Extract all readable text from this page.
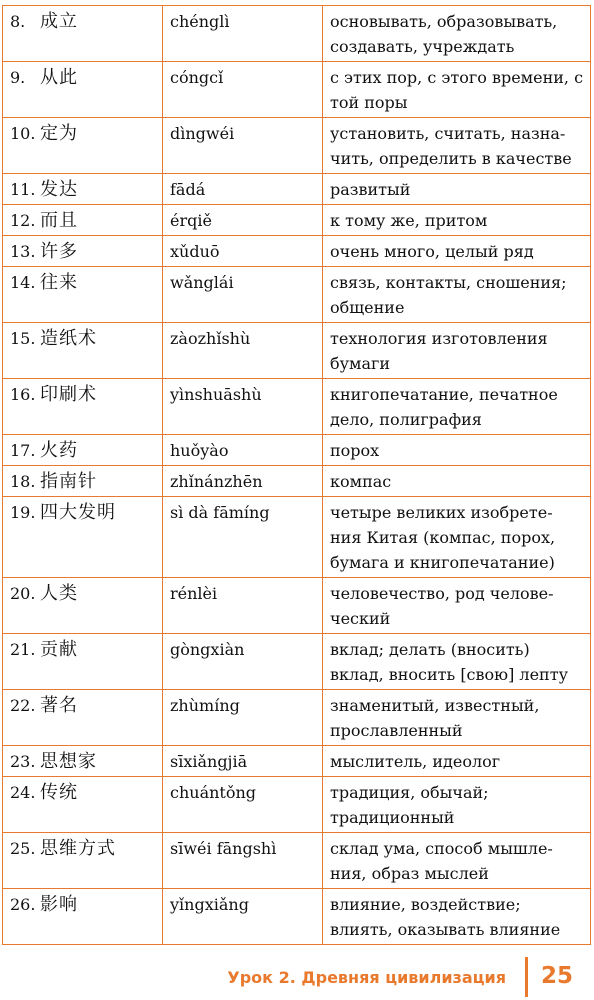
8. 成立	chénglì	основывать, образовывать, создавать, учреждать
9. 从此	cóngcǐ	с этих пор, с этого времени, с той поры
10. 定为	dìngwéi	установить, считать, назна-чить, определить в качестве
11. 发达	fādá	развитый
12. 而且	érqiě	к тому же, притом
13. 许多	xǔduō	очень много, целый ряд
14. 往来	wǎnglái	связь, контакты, сношения; общение
15. 造纸术	zàozhǐshù	технология изготовления бумаги
16. 印刷术	yìnshuāshù	книгопечатание, печатное дело, полиграфия
17. 火药	huǒyào	порох
18. 指南针	zhǐnánzhēn	компас
19. 四大发明	sì dà fāmíng	четыре великих изобрете-ния Китая (компас, порох, бумага и книгопечатание)
20. 人类	rénlèi	человечество, род челове-ческий
21. 贡献	gòngxiàn	вклад; делать (вносить) вклад, вносить [свою] лепту
22. 著名	zhùmíng	знаменитый, известный, прославленный
23. 思想家	sīxiǎngjiā	мыслитель, идеолог
24. 传统	chuántǒng	традиция, обычай; традиционный
25. 思维方式	sīwéi fāngshì	склад ума, способ мышле-ния, образ мыслей
26. 影响	yǐngxiǎng	влияние, воздействие; влиять, оказывать влияние
Урок 2. Древняя цивилизация 25
